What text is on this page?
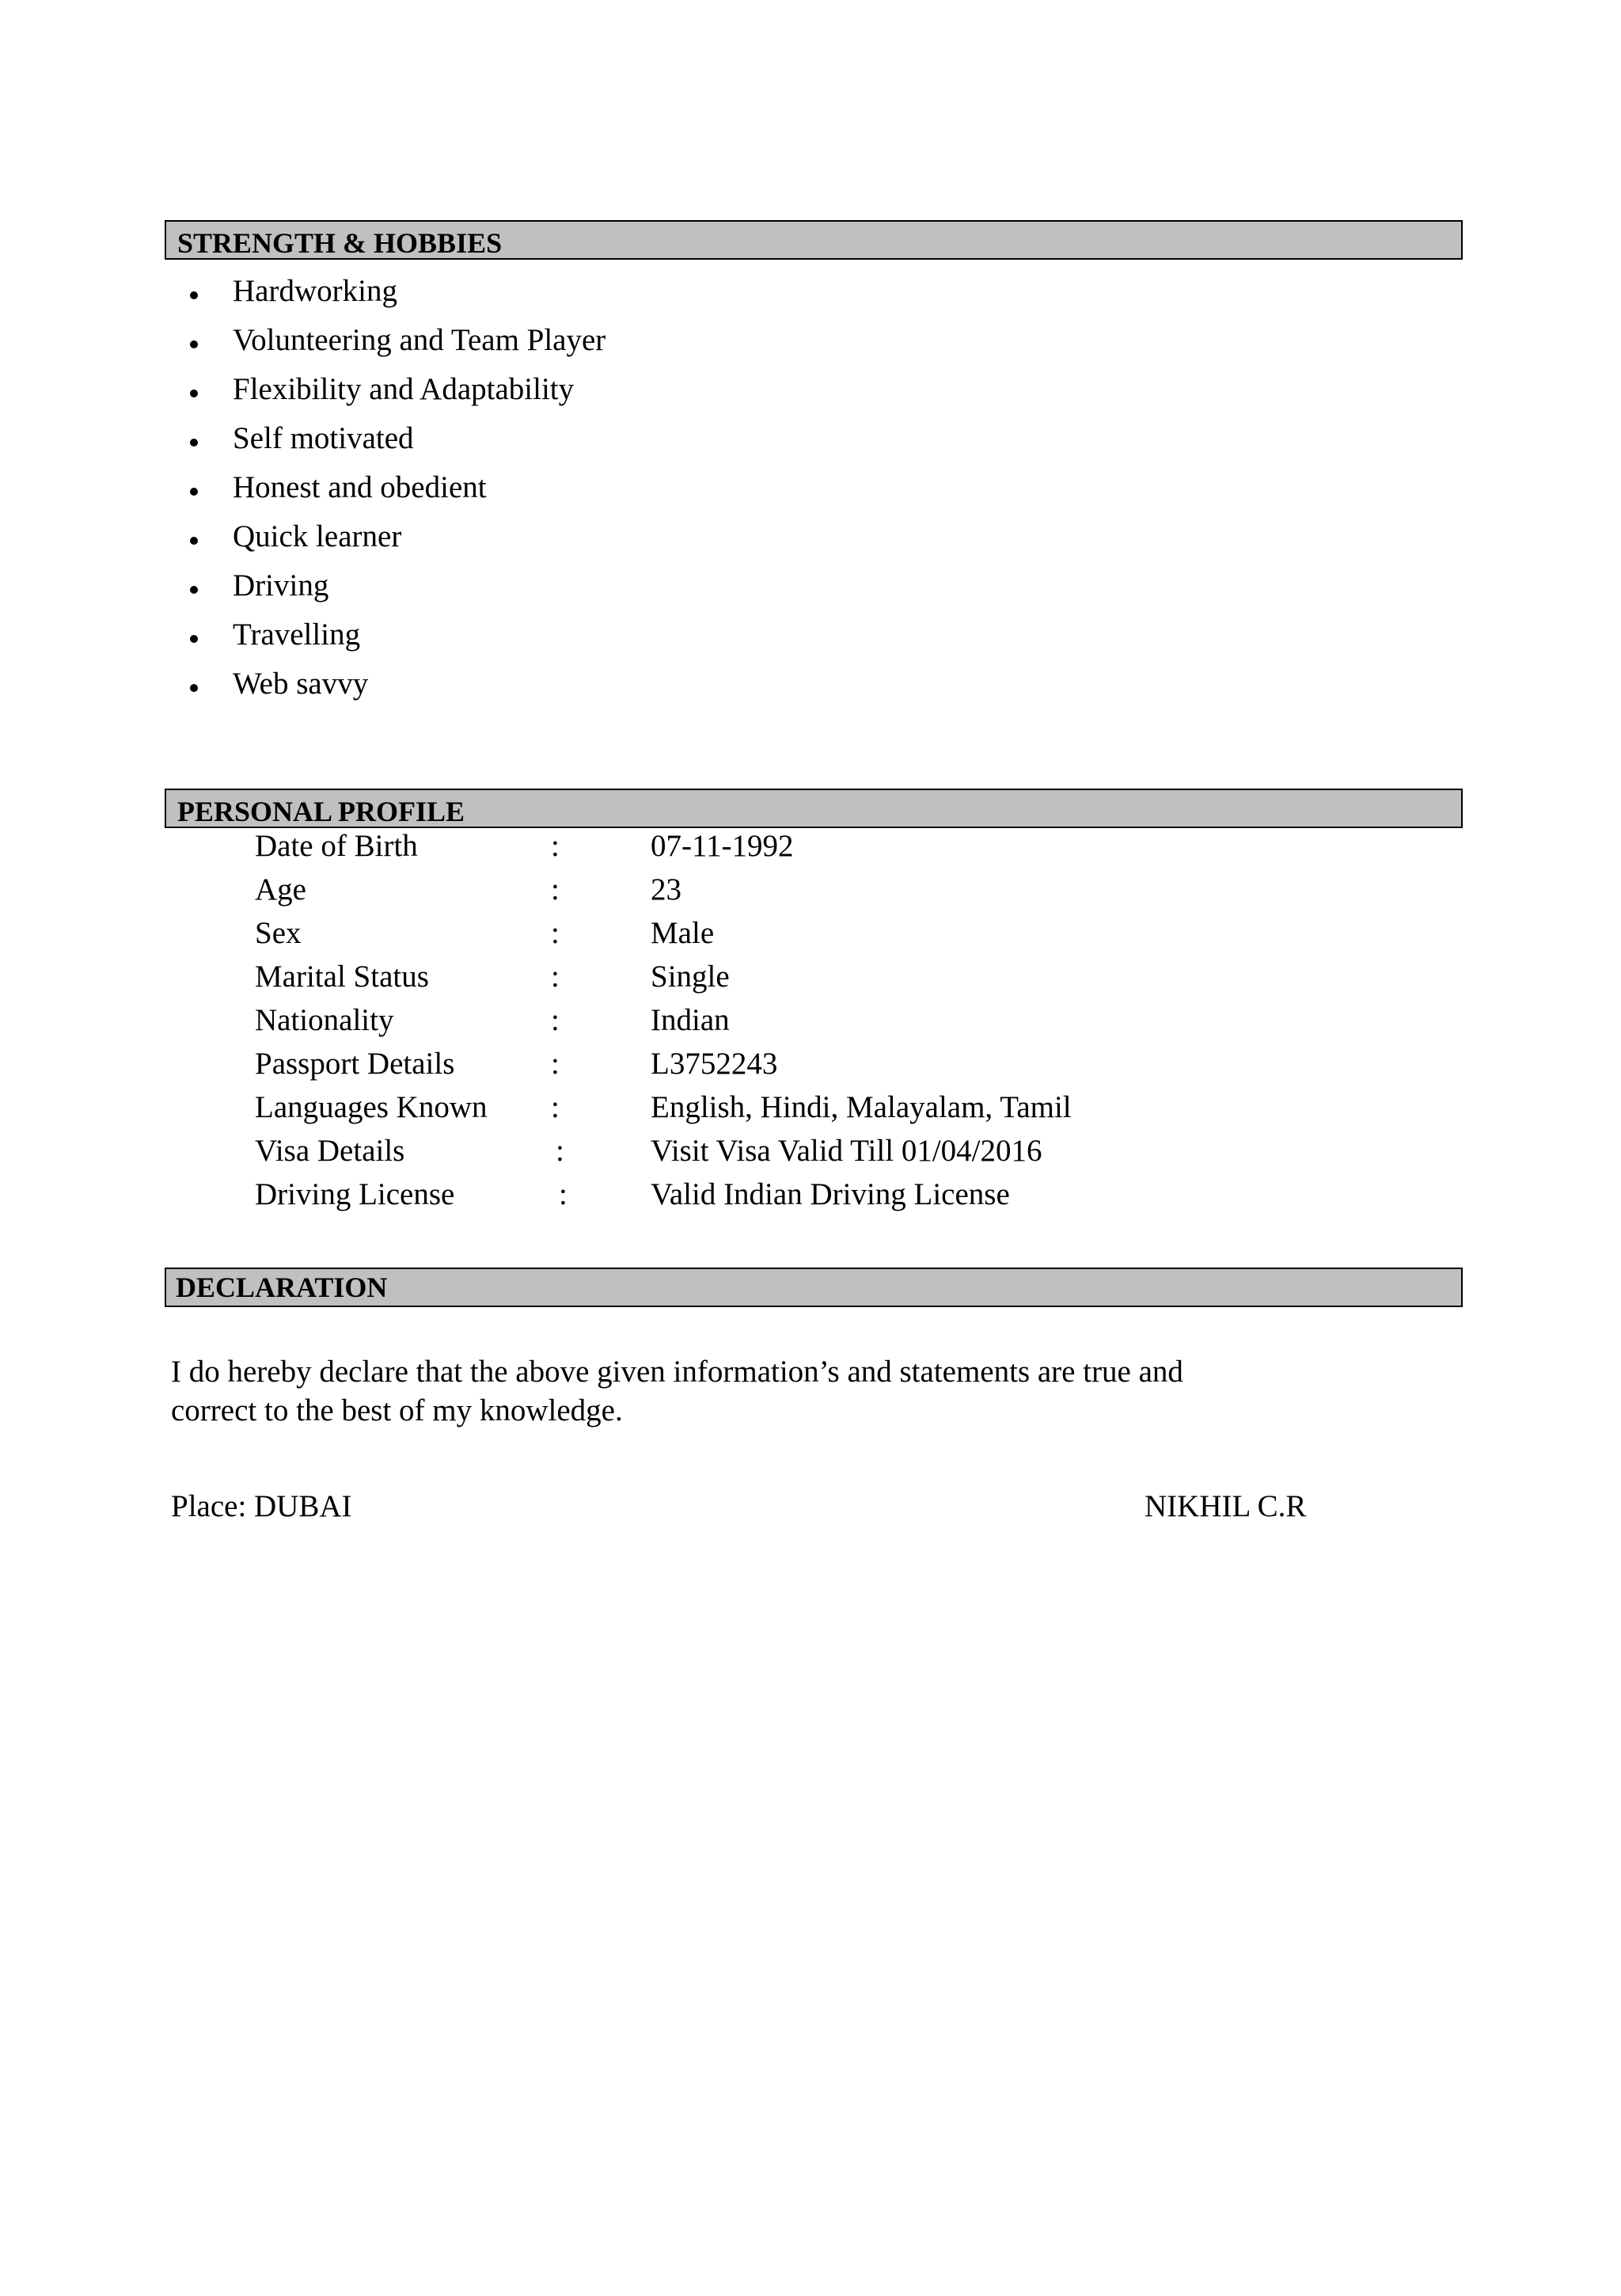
STRENGTH & HOBBIES
Hardworking
Volunteering and Team Player
Flexibility and Adaptability
Self motivated
Honest and obedient
Quick learner
Driving
Travelling
Web savvy
PERSONAL PROFILE
Date of Birth	:	07-11-1992
Age	:	23
Sex	:	Male
Marital Status	:	Single
Nationality	:	Indian
Passport Details	:	L3752243
Languages Known :	English, Hindi, Malayalam, Tamil
Visa Details	:	Visit Visa Valid Till 01/04/2016
Driving License	:	Valid Indian Driving License
DECLARATION
I do hereby declare that the above given information’s and statements are true and
correct to the best of my knowledge.
Place: DUBAI	NIKHIL C.R
